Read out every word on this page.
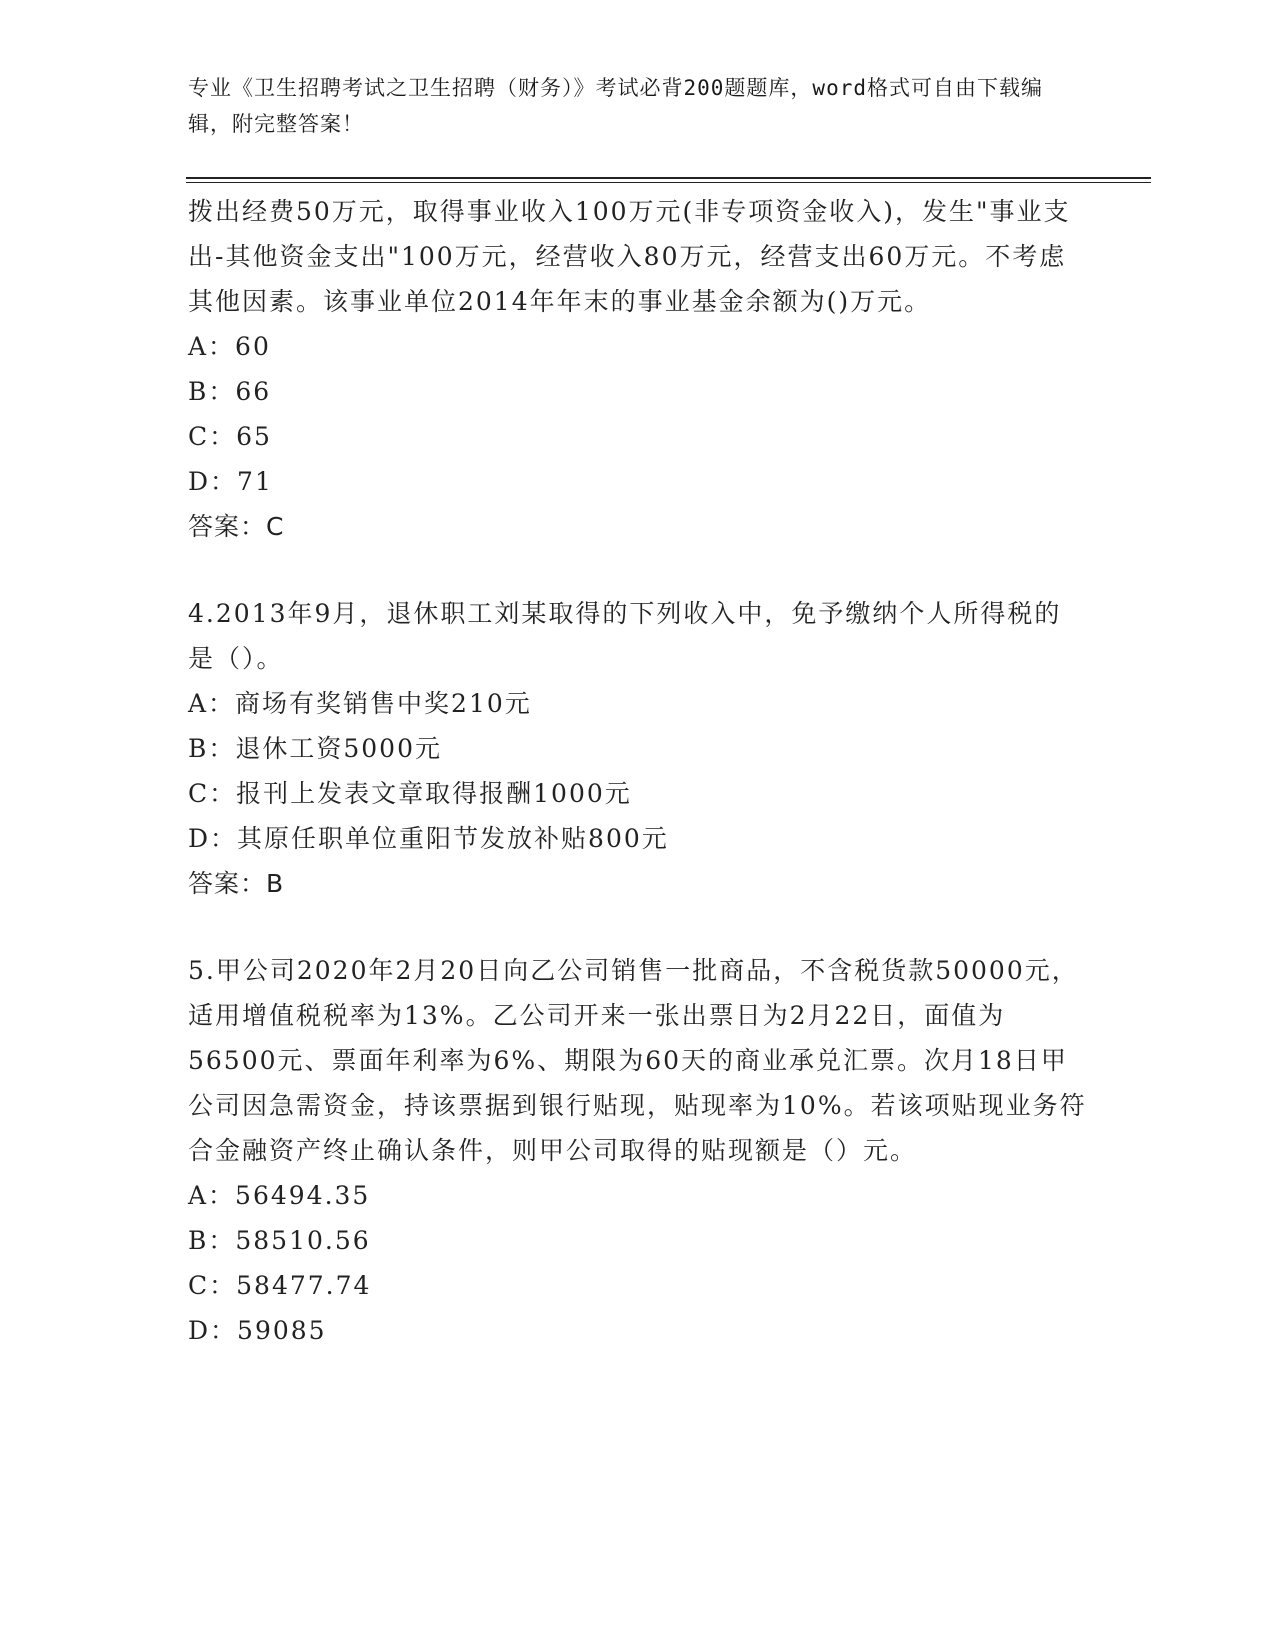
专业《卫生招聘考试之卫生招聘（财务）》考试必背200题题库，word格式可自由下载编辑，附完整答案！

拨出经费50万元，取得事业收入100万元(非专项资金收入)，发生"事业支出-其他资金支出"100万元，经营收入80万元，经营支出60万元。不考虑其他因素。该事业单位2014年年末的事业基金余额为()万元。

A：60

B：66

C：65

D：71

答案：C

4.2013年9月，退休职工刘某取得的下列收入中，免予缴纳个人所得税的是（）。

A：商场有奖销售中奖210元

B：退休工资5000元

C：报刊上发表文章取得报酬1000元

D：其原任职单位重阳节发放补贴800元

答案：B

5.甲公司2020年2月20日向乙公司销售一批商品，不含税货款50000元，适用增值税税率为13%。乙公司开来一张出票日为2月22日，面值为56500元、票面年利率为6%、期限为60天的商业承兑汇票。次月18日甲公司因急需资金，持该票据到银行贴现，贴现率为10%。若该项贴现业务符合金融资产终止确认条件，则甲公司取得的贴现额是（）元。

A：56494.35

B：58510.56

C：58477.74

D：59085
